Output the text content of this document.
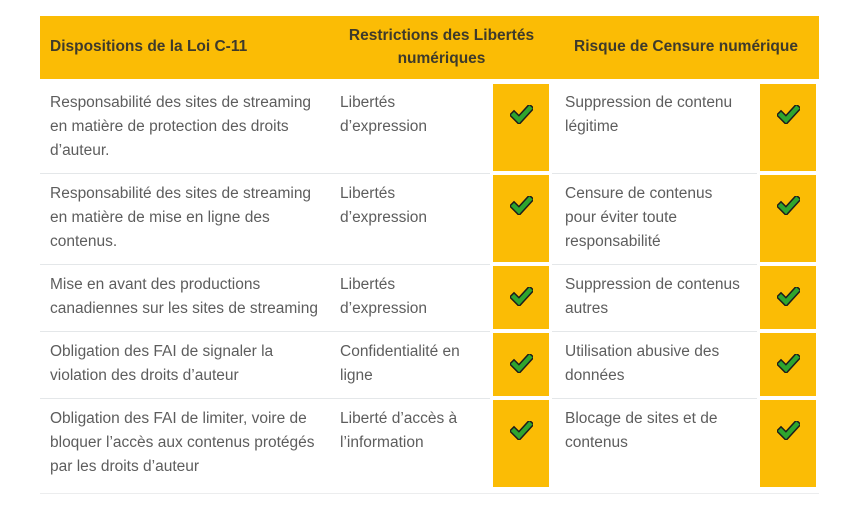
Dispositions de la Loi C-11
Restrictions des Libertés numériques
Risque de Censure numérique
Responsabilité des sites de streaming en matière de protection des droits d’auteur.
Libertés d’expression
Suppression de contenu légitime
Responsabilité des sites de streaming en matière de mise en ligne des contenus.
Libertés d’expression
Censure de contenus pour éviter toute responsabilité
Mise en avant des productions canadiennes sur les sites de streaming
Libertés d’expression
Suppression de contenus autres
Obligation des FAI de signaler la violation des droits d’auteur
Confidentialité en ligne
Utilisation abusive des données
Obligation des FAI de limiter, voire de bloquer l’accès aux contenus protégés par les droits d’auteur
Liberté d’accès à l’information
Blocage de sites et de contenus
